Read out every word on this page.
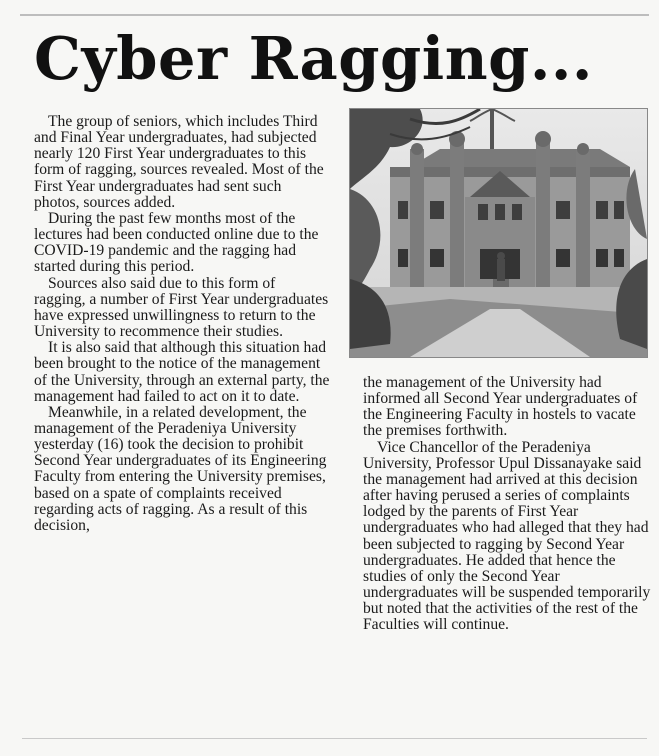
Cyber Ragging...

The group of seniors, which includes Third and Final Year undergraduates, had subjected nearly 120 First Year undergraduates to this form of ragging, sources revealed. Most of the First Year undergraduates had sent such photos, sources added.

During the past few months most of the lectures had been conducted online due to the COVID-19 pandemic and the ragging had started during this period.

Sources also said due to this form of ragging, a number of First Year undergraduates have expressed unwillingness to return to the University to recommence their studies.

It is also said that although this situation had been brought to the notice of the management of the University, through an external party, the management had failed to act on it to date.

Meanwhile, in a related development, the management of the Peradeniya University yesterday (16) took the decision to prohibit Second Year undergraduates of its Engineering Faculty from entering the University premises, based on a spate of complaints received regarding acts of ragging. As a result of this decision,

the management of the University had informed all Second Year undergraduates of the Engineering Faculty in hostels to vacate the premises forthwith.

Vice Chancellor of the Peradeniya University, Professor Upul Dissanayake said the management had arrived at this decision after having perused a series of complaints lodged by the parents of First Year undergraduates who had alleged that they had been subjected to ragging by Second Year undergraduates. He added that hence the studies of only the Second Year undergraduates will be suspended temporarily but noted that the activities of the rest of the Faculties will continue.
